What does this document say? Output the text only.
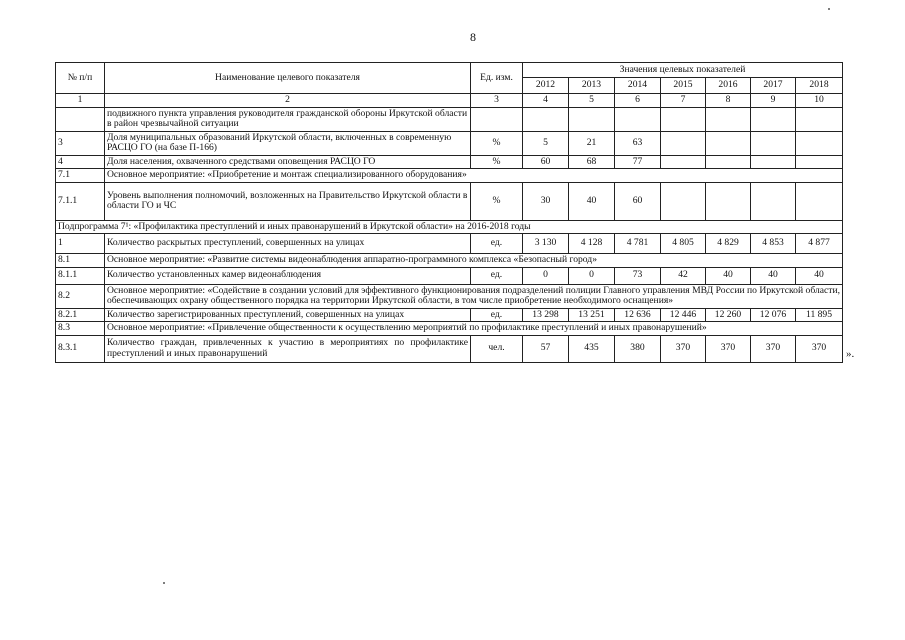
8
№ п/п	Наименование целевого показателя	Ед. изм.	Значения целевых показателей						
			2012	2013	2014	2015	2016	2017	2018
1	2	3	4	5	6	7	8	9	10
	подвижного пункта управления руководителя гражданской обороны Иркутской области в район чрезвычайной ситуации								
3	Доля муниципальных образований Иркутской области, включенных в современную РАСЦО ГО (на базе П-166)	%	5	21	63				
4	Доля населения, охваченного средствами оповещения РАСЦО ГО	%	60	68	77				
7.1	Основное мероприятие: «Приобретение и монтаж специализированного оборудования»								
7.1.1	Уровень выполнения полномочий, возложенных на Правительство Иркутской области в области ГО и ЧС	%	30	40	60				
Подпрограмма 7¹: «Профилактика преступлений и иных правонарушений в Иркутской области» на 2016-2018 годы									
1	Количество раскрытых преступлений, совершенных на улицах	ед.	3 130	4 128	4 781	4 805	4 829	4 853	4 877
8.1	Основное мероприятие: «Развитие системы видеонаблюдения аппаратно-программного комплекса «Безопасный город»								
8.1.1	Количество установленных камер видеонаблюдения	ед.	0	0	73	42	40	40	40
8.2	Основное мероприятие: «Содействие в создании условий для эффективного функционирования подразделений полиции Главного управления МВД России по Иркутской области, обеспечивающих охрану общественного порядка на территории Иркутской области, в том числе приобретение необходимого оснащения»								
8.2.1	Количество зарегистрированных преступлений, совершенных на улицах	ед.	13 298	13 251	12 636	12 446	12 260	12 076	11 895
8.3	Основное мероприятие: «Привлечение общественности к осуществлению мероприятий по профилактике преступлений и иных правонарушений»								
8.3.1	Количество граждан, привлеченных к участию в мероприятиях по профилактике преступлений и иных правонарушений	чел.	57	435	380	370	370	370	370
».
